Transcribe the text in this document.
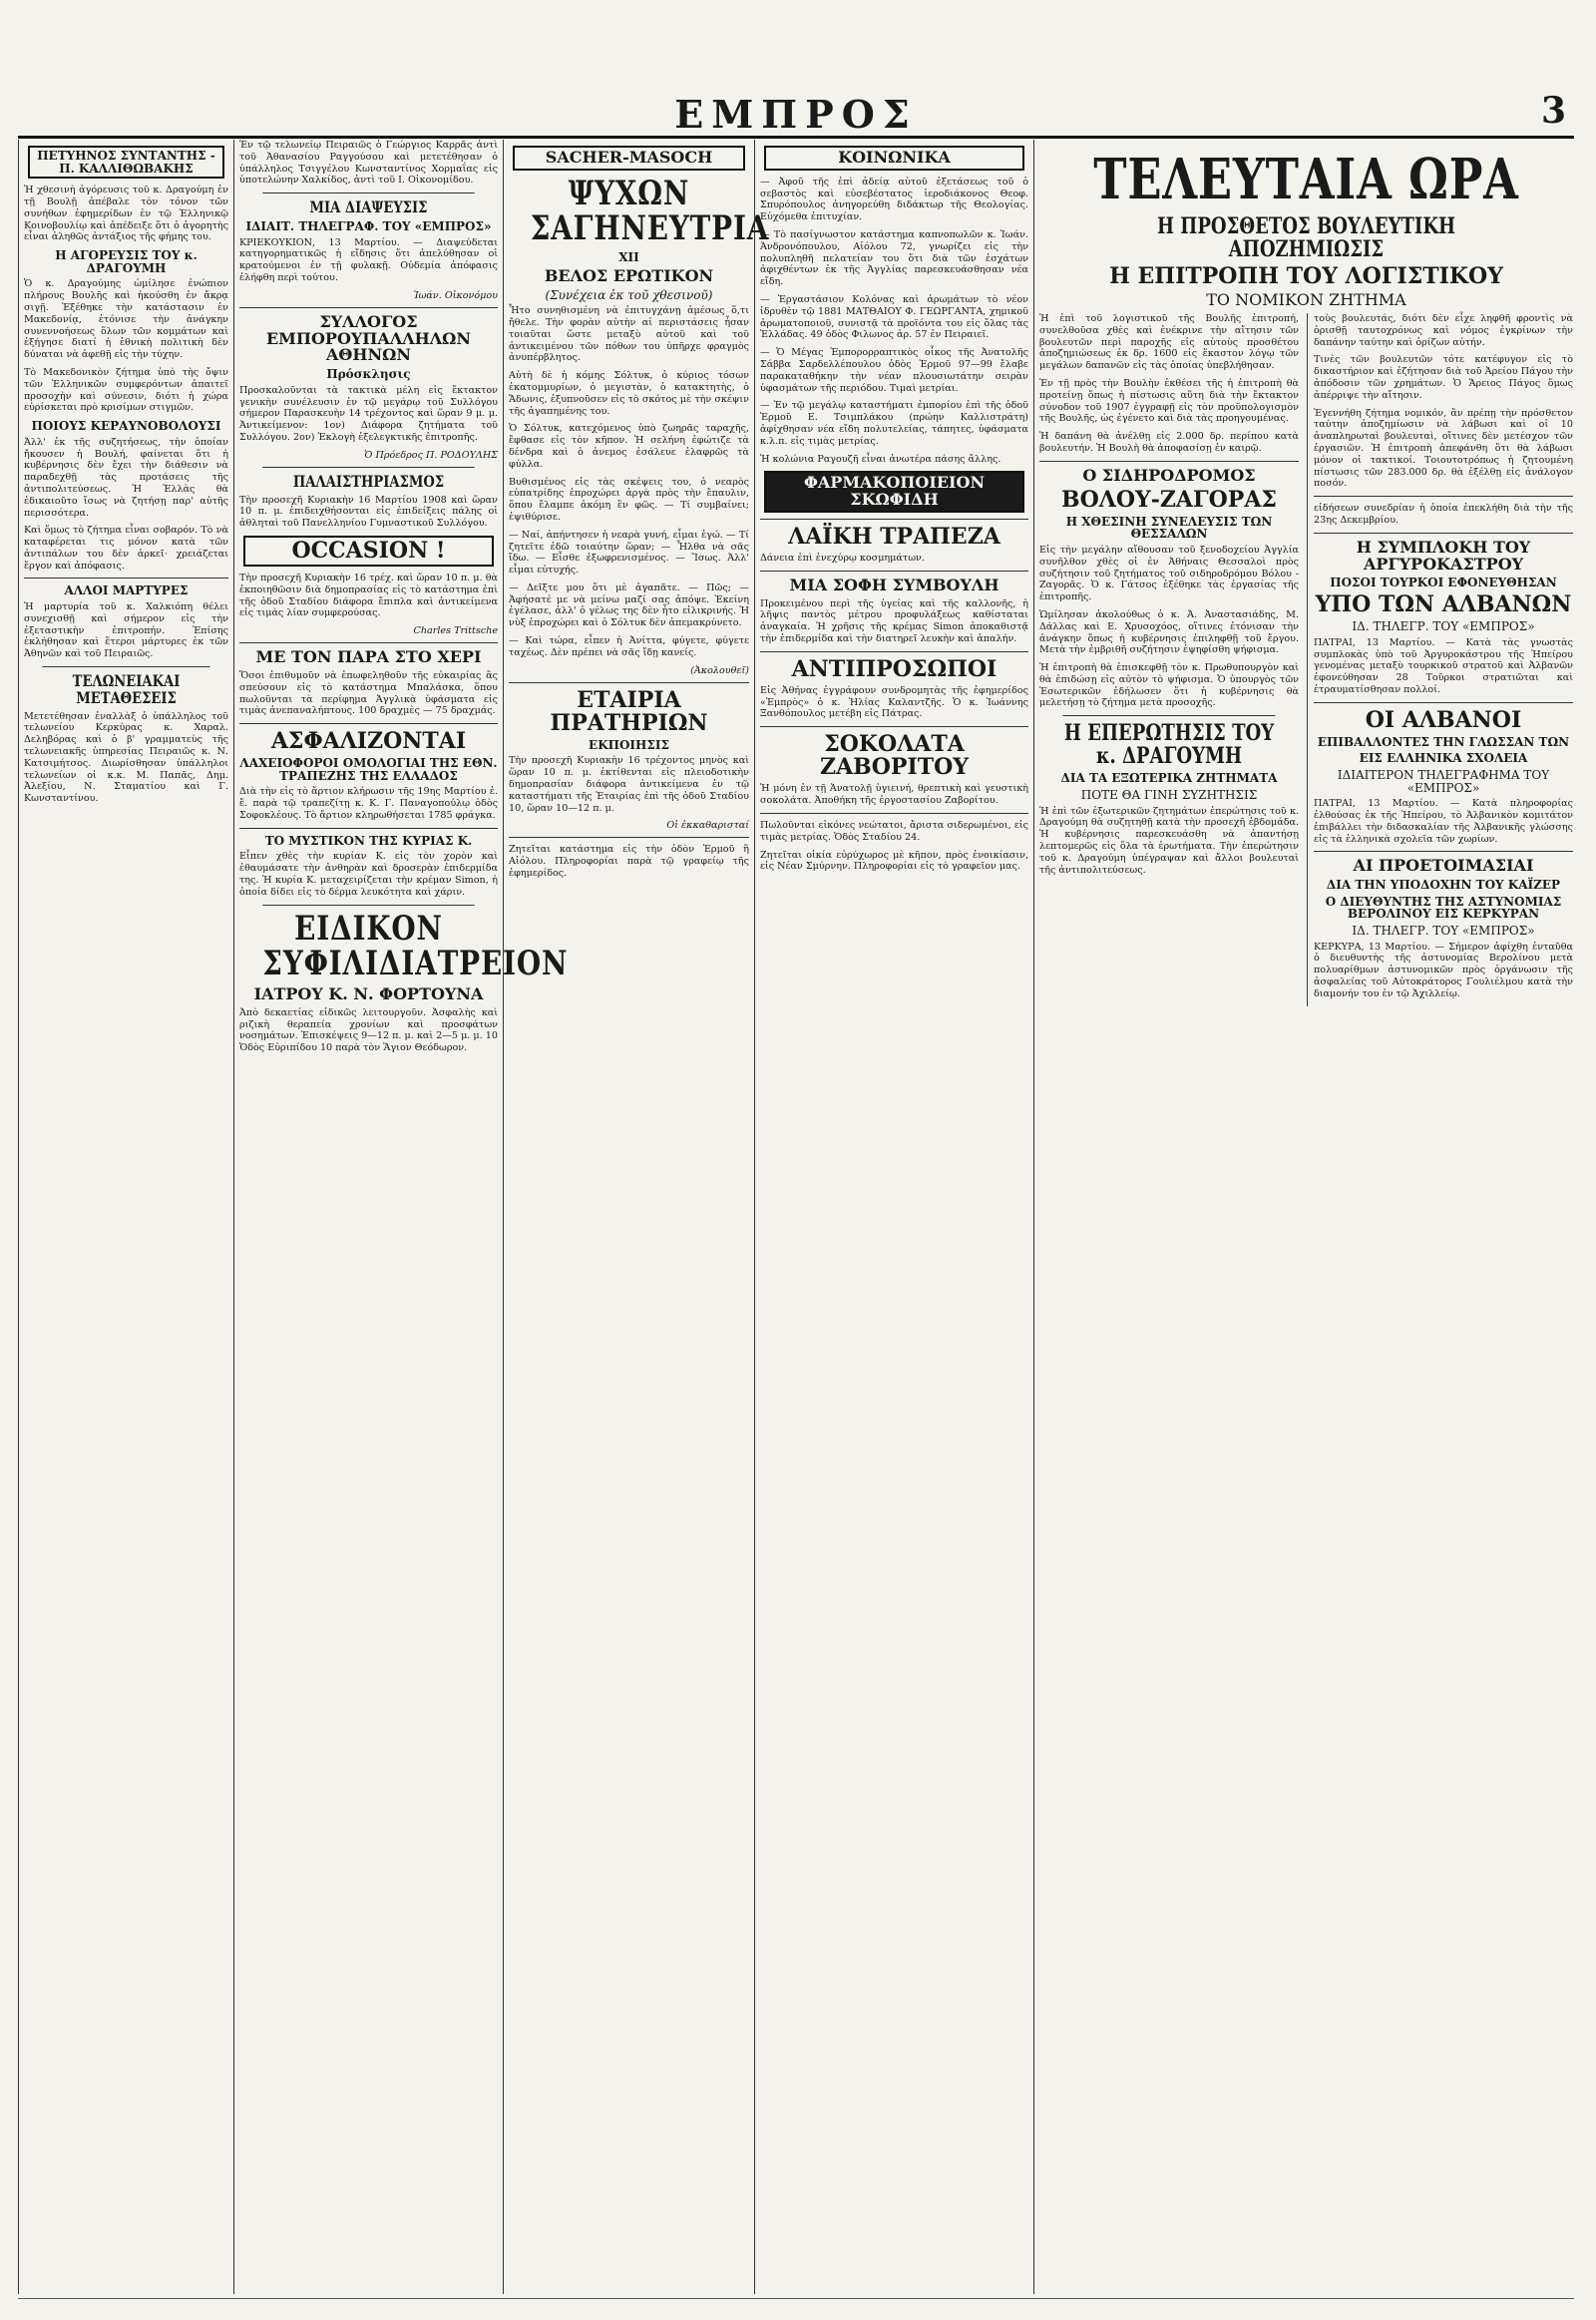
ΕΜΠΡΟΣ	3
ΠΕΤΥΗΝΟΣ ΣΥΝΤΑΝΤΗΣ - Π. ΚΑΛΛΙΘΩΒΑΚΗΣ

Ἡ χθεσινὴ ἀγόρευσις τοῦ κ. Δραγούμη ἐν τῇ Βουλῇ ἀπέβαλε τὸν τόνον τῶν συνήθων ἐφημερίδων ἐν τῷ Ἑλληνικῷ Κοινοβουλίῳ καὶ ἀπέδειξε ὅτι ὁ ἀγορητὴς εἶναι ἀληθῶς ἀντάξιος τῆς φήμης του.

Η ΑΓΟΡΕΥΣΙΣ ΤΟΥ κ. ΔΡΑΓΟΥΜΗ

Ὁ κ. Δραγούμης ὡμίλησε ἐνώπιον πλήρους Βουλῆς καὶ ἠκούσθη ἐν ἄκρᾳ σιγῇ. Ἐξέθηκε τὴν κατάστασιν ἐν Μακεδονίᾳ, ἐτόνισε τὴν ἀνάγκην συνεννοήσεως ὅλων τῶν κομμάτων καὶ ἐξήγησε διατί ἡ ἐθνικὴ πολιτικὴ δὲν δύναται νὰ ἀφεθῇ εἰς τὴν τύχην.

Τὸ Μακεδονικὸν ζήτημα ὑπὸ τὴς ὄψιν τῶν Ἑλληνικῶν συμφερόντων ἀπαιτεῖ προσοχὴν καὶ σύνεσιν, διότι ἡ χώρα εὑρίσκεται πρὸ κρισίμων στιγμῶν.

ΠΟΙΟΥΣ ΚΕΡΑΥΝΟΒΟΛΟΥΣΙ

Ἀλλ' ἐκ τῆς συζητήσεως, τὴν ὁποίαν ἤκουσεν ἡ Βουλή, φαίνεται ὅτι ἡ κυβέρνησις δὲν ἔχει τὴν διάθεσιν νὰ παραδεχθῇ τὰς προτάσεις τῆς ἀντιπολιτεύσεως. Ἡ Ἑλλὰς θὰ ἐδικαιοῦτο ἴσως νὰ ζητήσῃ παρ' αὐτῆς περισσότερα.

Καὶ ὅμως τὸ ζήτημα εἶναι σοβαρόν. Τὸ νὰ καταφέρεται τις μόνον κατὰ τῶν ἀντιπάλων του δὲν ἀρκεῖ· χρειάζεται ἔργον καὶ ἀπόφασις.

ΑΛΛΟΙ ΜΑΡΤΥΡΕΣ

Ἡ μαρτυρία τοῦ κ. Χαλκιόπη θέλει συνεχισθῇ καὶ σήμερον εἰς τὴν ἐξεταστικὴν ἐπιτροπήν. Ἐπίσης ἐκλήθησαν καὶ ἕτεροι μάρτυρες ἐκ τῶν Ἀθηνῶν καὶ τοῦ Πειραιῶς.

ΤΕΛΩΝΕΙΑΚΑΙ ΜΕΤΑΘΕΣΕΙΣ

Μετετέθησαν ἐναλλὰξ ὁ ὑπάλληλος τοῦ τελωνείου Κερκύρας κ. Χαραλ. Δεληβόρας καὶ ὁ β' γραμματεὺς τῆς τελωνειακῆς ὑπηρεσίας Πειραιῶς κ. Ν. Κατσιμήτσος. Διωρίσθησαν ὑπάλληλοι τελωνείων οἱ κ.κ. Μ. Παπᾶς, Δημ. Ἀλεξίου, Ν. Σταματίου καὶ Γ. Κωνσταντίνου.

Ἐν τῷ τελωνείῳ Πειραιῶς ὁ Γεώργιος Καρρᾶς ἀντὶ τοῦ Ἀθανασίου Ραγγούσου καὶ μετετέθησαν ὁ ὑπάλληλος Τσιγγέλου Κωνσταντίνος Χορμαΐας εἰς ὑποτελώνην Χαλκίδος, ἀντὶ τοῦ Ι. Οἰκονομίδου.

ΜΙΑ ΔΙΑΨΕΥΣΙΣ
ΙΔΙΑΙΤ. ΤΗΛΕΓΡΑΦ. ΤΟΥ «ΕΜΠΡΟΣ»

ΚΡΙΕΚΟΥΚΙΟΝ, 13 Μαρτίου. — Διαψεύδεται κατηγορηματικῶς ἡ εἴδησις ὅτι ἀπελύθησαν οἱ κρατούμενοι ἐν τῇ φυλακῇ. Οὐδεμία ἀπόφασις ἐλήφθη περὶ τούτου.

Ἰωάν. Οἰκονόμου
ΣΥΛΛΟΓΟΣ ΕΜΠΟΡΟΥΠΑΛΛΗΛΩΝ ΑΘΗΝΩΝ
Πρόσκλησις

Προσκαλοῦνται τὰ τακτικὰ μέλη εἰς ἔκτακτον γενικὴν συνέλευσιν ἐν τῷ μεγάρῳ τοῦ Συλλόγου σήμερον Παρασκευὴν 14 τρέχοντος καὶ ὥραν 9 μ. μ. Ἀντικείμενον: 1ον) Διάφορα ζητήματα τοῦ Συλλόγου. 2ον) Ἐκλογὴ ἐξελεγκτικῆς ἐπιτροπῆς.

Ὁ Πρόεδρος Π. ΡΟΔΟΥΛΗΣ
ΠΑΛΑΙΣΤΗΡΙΑΣΜΟΣ

Τὴν προσεχῆ Κυριακὴν 16 Μαρτίου 1908 καὶ ὥραν 10 π. μ. ἐπιδειχθήσονται εἰς ἐπιδείξεις πάλης οἱ ἀθληταὶ τοῦ Πανελληνίου Γυμναστικοῦ Συλλόγου.

OCCASION !

Τὴν προσεχῆ Κυριακὴν 16 τρέχ. καὶ ὥραν 10 π. μ. θὰ ἐκποιηθῶσιν διὰ δημοπρασίας εἰς τὸ κατάστημα ἐπὶ τῆς ὁδοῦ Σταδίου διάφορα ἔπιπλα καὶ ἀντικείμενα εἰς τιμὰς λίαν συμφερούσας.

Charles Trittsche
ΜΕ ΤΟΝ ΠΑΡΑ ΣΤΟ ΧΕΡΙ

Ὅσοι ἐπιθυμοῦν νὰ ἐπωφεληθοῦν τῆς εὐκαιρίας ἂς σπεύσουν εἰς τὸ κατάστημα Μπαλάσκα, ὅπου πωλοῦνται τὰ περίφημα Ἀγγλικὰ ὑφάσματα εἰς τιμὰς ἀνεπαναλήπτους. 100 δραχμὲς — 75 δραχμάς.

ΑΣΦΑΛΙΖΟΝΤΑΙ
ΛΑΧΕΙΟΦΟΡΟΙ ΟΜΟΛΟΓΙΑΙ ΤΗΣ ΕΘΝ. ΤΡΑΠΕΖΗΣ ΤΗΣ ΕΛΛΑΔΟΣ

Διὰ τὴν εἰς τὸ ἄρτιον κλήρωσιν τῆς 19ης Μαρτίου ἐ. ἔ. παρὰ τῷ τραπεζίτῃ κ. Κ. Γ. Παναγοπούλῳ ὁδὸς Σοφοκλέους. Τὸ ἄρτιον κληρωθήσεται 1785 φράγκα.

ΤΟ ΜΥΣΤΙΚΟΝ ΤΗΣ ΚΥΡΙΑΣ Κ.

Εἶπεν χθὲς τὴν κυρίαν Κ. εἰς τὸν χορὸν καὶ ἐθαυμάσατε τὴν ἀνθηρὰν καὶ δροσερὰν ἐπιδερμίδα της. Ἡ κυρία Κ. μεταχειρίζεται τὴν κρέμαν Simon, ἡ ὁποία δίδει εἰς τὸ δέρμα λευκότητα καὶ χάριν.

ΕΙΔΙΚΟΝ ΣΥΦΙΛΙΔΙΑΤΡΕΙΟΝ
ΙΑΤΡΟΥ Κ. Ν. ΦΟΡΤΟΥΝΑ

Ἀπὸ δεκαετίας εἰδικῶς λειτουργοῦν. Ἀσφαλὴς καὶ ριζικὴ θεραπεία χρονίων καὶ προσφάτων νοσημάτων. Ἐπισκέψεις 9—12 π. μ. καὶ 2—5 μ. μ. 10 Ὁδὸς Εὐριπίδου 10 παρὰ τὸν Ἅγιον Θεόδωρον.

SACHER-MASOCH
ΨΥΧΩΝ ΣΑΓΗΝΕΥΤΡΙΑ
XII
ΒΕΛΟΣ ΕΡΩΤΙΚΟΝ
(Συνέχεια ἐκ τοῦ χθεσινοῦ)

Ἦτο συνηθισμένη νὰ ἐπιτυγχάνῃ ἀμέσως ὅ,τι ἤθελε. Τὴν φορὰν αὐτὴν αἱ περιστάσεις ἦσαν τοιαῦται ὥστε μεταξὺ αὐτοῦ καὶ τοῦ ἀντικειμένου τῶν πόθων του ὑπῆρχε φραγμὸς ἀνυπέρβλητος.

Αὐτὴ δὲ ἡ κόμης Σόλτυκ, ὁ κύριος τόσων ἐκατομμυρίων, ὁ μεγιστὰν, ὁ κατακτητὴς, ὁ Ἄδωνις, ἐξυπνοῦσεν εἰς τὸ σκότος μὲ τὴν σκέψιν τῆς ἀγαπημένης του.

Ὁ Σόλτυκ, κατεχόμενος ὑπὸ ζωηρᾶς ταραχῆς, ἔφθασε εἰς τὸν κῆπον. Ἡ σελήνη ἐφώτιζε τὰ δένδρα καὶ ὁ ἀνεμος ἐσάλευε ἐλαφρῶς τὰ φύλλα.

Βυθισμένος εἰς τὰς σκέψεις του, ὁ νεαρὸς εὐπατρίδης ἐπροχώρει ἀργὰ πρὸς τὴν ἔπαυλιν, ὅπου ἔλαμπε ἀκόμη ἓν φῶς. — Τί συμβαίνει; ἐψιθύρισε.

— Ναί, ἀπήντησεν ἡ νεαρὰ γυνή, εἶμαι ἐγώ. — Τί ζητεῖτε ἐδῶ τοιαύτην ὥραν; — Ἦλθα νὰ σᾶς ἴδω. — Εἶσθε ἐξωφρενισμένος. — Ἴσως. Ἀλλ' εἶμαι εὐτυχής.

— Δεῖξτε μου ὅτι μὲ ἀγαπᾶτε. — Πῶς; — Ἀφήσατέ με νὰ μείνω μαζί σας ἀπόψε. Ἐκείνη ἐγέλασε, ἀλλ' ὁ γέλως της δὲν ἦτο εἰλικρινής. Ἡ νὺξ ἐπροχώρει καὶ ὁ Σόλτυκ δὲν ἀπεμακρύνετο.

— Καὶ τώρα, εἶπεν ἡ Ἀνίττα, φύγετε, φύγετε ταχέως. Δὲν πρέπει νὰ σᾶς ἴδῃ κανείς.

(Ἀκολουθεῖ)
ΕΤΑΙΡΙΑ ΠΡΑΤΗΡΙΩΝ
ΕΚΠΟΙΗΣΙΣ

Τὴν προσεχῆ Κυριακὴν 16 τρέχοντος μηνὸς καὶ ὥραν 10 π. μ. ἐκτίθενται εἰς πλειοδοτικὴν δημοπρασίαν διάφορα ἀντικείμενα ἐν τῷ καταστήματι τῆς Ἑταιρίας ἐπὶ τῆς ὁδοῦ Σταδίου 10, ὥραν 10—12 π. μ.

Οἱ ἐκκαθαρισταί

Ζητεῖται κατάστημα εἰς τὴν ὁδὸν Ἑρμοῦ ἢ Αἰόλου. Πληροφορίαι παρὰ τῷ γραφείῳ τῆς ἐφημερίδος.

ΚΟΙΝΩΝΙΚΑ

— Ἀφοῦ τῆς ἐπὶ ἀδείᾳ αὐτοῦ ἐξετάσεως τοῦ ὁ σεβαστὸς καὶ εὐσεβέστατος ἱεροδιάκονος Θεοφ. Σπυρόπουλος ἀνηγορεύθη διδάκτωρ τῆς Θεολογίας. Εὐχόμεθα ἐπιτυχίαν.

— Τὸ πασίγνωστον κατάστημα καπνοπωλῶν κ. Ἰωάν. Ἀνδρονόπουλου, Αἰόλου 72, γνωρίζει εἰς τὴν πολυπληθῆ πελατείαν του ὅτι διὰ τῶν ἐσχάτων ἀφιχθέντων ἐκ τῆς Ἀγγλίας παρεσκευάσθησαν νέα εἴδη.

— Ἐργαστάσιον Κολόνας καὶ ἀρωμάτων τὸ νέον ἱδρυθὲν τῷ 1881 ΜΑΤΘΑΙΟΥ Φ. ΓΕΩΡΓΑΝΤΑ, χημικοῦ ἀρωματοποιοῦ, συνιστᾷ τὰ προϊόντα του εἰς ὅλας τὰς Ἑλλάδας. 49 ὁδὸς Φιλωνος ἀρ. 57 ἐν Πειραιεῖ.

— Ὁ Μέγας Ἐμπορορραπτικὸς οἶκος τῆς Ἀνατολῆς Σάββα Σαρδελλέπουλου ὁδὸς Ἑρμοῦ 97—99 ἔλαβε παρακαταθήκην τὴν νέαν πλουσιωτάτην σειρὰν ὑφασμάτων τῆς περιόδου. Τιμαὶ μετρίαι.

— Ἐν τῷ μεγάλῳ καταστήματι ἐμπορίου ἐπὶ τῆς ὁδοῦ Ἑρμοῦ Ε. Τσιμπλάκου (πρώην Καλλιστράτη) ἀφίχθησαν νέα εἴδη πολυτελείας, τάπητες, ὑφάσματα κ.λ.π. εἰς τιμὰς μετρίας.

Ἡ κολώνια Ραγουζῆ εἶναι ἀνωτέρα πάσης ἄλλης.

ΦΑΡΜΑΚΟΠΟΙΕΙΟΝ ΣΚΩΦΙΔΗ
ΛΑΪΚΗ ΤΡΑΠΕΖΑ

Δάνεια ἐπὶ ἐνεχύρῳ κοσμημάτων.

ΜΙΑ ΣΟΦΗ ΣΥΜΒΟΥΛΗ

Προκειμένου περὶ τῆς ὑγείας καὶ τῆς καλλονῆς, ἡ λῆψις παντὸς μέτρου προφυλάξεως καθίσταται ἀναγκαία. Ἡ χρῆσις τῆς κρέμας Simon ἀποκαθιστᾷ τὴν ἐπιδερμίδα καὶ τὴν διατηρεῖ λευκὴν καὶ ἀπαλήν.

ΑΝΤΙΠΡΟΣΩΠΟΙ

Εἰς Ἀθήνας ἐγγράφουν συνδρομητὰς τῆς ἐφημερίδος «Ἐμπρὸς» ὁ κ. Ἡλίας Καλαντζῆς. Ὁ κ. Ἰωάννης Ξανθόπουλος μετέβη εἰς Πάτρας.

ΣΟΚΟΛΑΤΑ ΖΑΒΟΡΙΤΟΥ

Ἡ μόνη ἐν τῇ Ἀνατολῇ ὑγιεινή, θρεπτικὴ καὶ γευστικὴ σοκολάτα. Ἀποθήκη τῆς ἐργοστασίου Ζαβορίτου.

Πωλοῦνται εἰκόνες νεώτατοι, ἄριστα σιδερωμένοι, εἰς τιμὰς μετρίας. Ὁδὸς Σταδίου 24.

Ζητεῖται οἰκία εὐρύχωρος μὲ κῆπον, πρὸς ἐνοικίασιν, εἰς Νέαν Σμύρνην. Πληροφορίαι εἰς τὸ γραφεῖον μας.

ΤΕΛΕΥΤΑΙΑ ΩΡΑ
Η ΠΡΟΣΘΕΤΟΣ ΒΟΥΛΕΥΤΙΚΗ ΑΠΟΖΗΜΙΩΣΙΣ
Η ΕΠΙΤΡΟΠΗ ΤΟΥ ΛΟΓΙΣΤΙΚΟΥ
ΤΟ ΝΟΜΙΚΟΝ ΖΗΤΗΜΑ

Ἡ ἐπὶ τοῦ λογιστικοῦ τῆς Βουλῆς ἐπιτροπή, συνελθοῦσα χθὲς καὶ ἐνέκρινε τὴν αἴτησιν τῶν βουλευτῶν περὶ παροχῆς εἰς αὐτοὺς προσθέτου ἀποζημιώσεως ἐκ δρ. 1600 εἰς ἕκαστον λόγῳ τῶν μεγάλων δαπανῶν εἰς τὰς ὁποίας ὑπεβλήθησαν.

Ἐν τῇ πρὸς τὴν Βουλὴν ἐκθέσει τῆς ἡ ἐπιτροπὴ θὰ προτείνῃ ὅπως ἡ πίστωσις αὕτη διὰ τὴν ἔκτακτον σύνοδον τοῦ 1907 ἐγγραφῇ εἰς τὸν προϋπολογισμὸν τῆς Βουλῆς, ὡς ἐγένετο καὶ διὰ τὰς προηγουμένας.

Ἡ δαπάνη θὰ ἀνέλθῃ εἰς 2.000 δρ. περίπου κατὰ βουλευτήν. Ἡ Βουλὴ θὰ ἀποφασίσῃ ἐν καιρῷ.

Ο ΣΙΔΗΡΟΔΡΟΜΟΣ
ΒΟΛΟΥ-ΖΑΓΟΡΑΣ
Η ΧΘΕΣΙΝΗ ΣΥΝΕΛΕΥΣΙΣ ΤΩΝ ΘΕΣΣΑΛΩΝ

Εἰς τὴν μεγάλην αἴθουσαν τοῦ ξενοδοχείου Ἀγγλία συνῆλθον χθὲς οἱ ἐν Ἀθήναις Θεσσαλοὶ πρὸς συζήτησιν τοῦ ζητήματος τοῦ σιδηροδρόμου Βόλου - Ζαγορᾶς. Ὁ κ. Γάτσος ἐξέθηκε τὰς ἐργασίας τῆς ἐπιτροπῆς.

Ὡμίλησαν ἀκολούθως ὁ κ. Ἀ. Ἀναστασιάδης, Μ. Δάλλας καὶ Ε. Χρυσοχόος, οἵτινες ἐτόνισαν τὴν ἀνάγκην ὅπως ἡ κυβέρνησις ἐπιληφθῇ τοῦ ἔργου. Μετὰ τὴν ἐμβριθῆ συζήτησιν ἐψηφίσθη ψήφισμα.

Ἡ ἐπιτροπὴ θὰ ἐπισκεφθῇ τὸν κ. Πρωθυπουργὸν καὶ θὰ ἐπιδώσῃ εἰς αὐτὸν τὸ ψήφισμα. Ὁ ὑπουργὸς τῶν Ἐσωτερικῶν ἐδήλωσεν ὅτι ἡ κυβέρνησις θὰ μελετήσῃ τὸ ζήτημα μετὰ προσοχῆς.

Η ΕΠΕΡΩΤΗΣΙΣ ΤΟΥ κ. ΔΡΑΓΟΥΜΗ
ΔΙΑ ΤΑ ΕΞΩΤΕΡΙΚΑ ΖΗΤΗΜΑΤΑ
ΠΟΤΕ ΘΑ ΓΙΝΗ ΣΥΖΗΤΗΣΙΣ

Ἡ ἐπὶ τῶν ἐξωτερικῶν ζητημάτων ἐπερώτησις τοῦ κ. Δραγούμη θὰ συζητηθῇ κατὰ τὴν προσεχῆ ἑβδομάδα. Ἡ κυβέρνησις παρεσκευάσθη νὰ ἀπαντήσῃ λεπτομερῶς εἰς ὅλα τὰ ἐρωτήματα. Τὴν ἐπερώτησιν τοῦ κ. Δραγούμη ὑπέγραψαν καὶ ἄλλοι βουλευταὶ τῆς ἀντιπολιτεύσεως.

τοὺς βουλευτάς, διότι δὲν εἶχε ληφθῆ φροντὶς νὰ ὁρισθῇ ταυτοχρόνως καὶ νόμος ἐγκρίνων τὴν δαπάνην ταύτην καὶ ὁρίζων αὐτήν.

Τινὲς τῶν βουλευτῶν τότε κατέφυγον εἰς τὸ δικαστήριον καὶ ἐζήτησαν διὰ τοῦ Ἀρείου Πάγου τὴν ἀπόδοσιν τῶν χρημάτων. Ὁ Ἄρειος Πάγος ὅμως ἀπέρριψε τὴν αἴτησιν.

Ἐγεννήθη ζήτημα νομικόν, ἂν πρέπῃ τὴν πρόσθετον ταύτην ἀποζημίωσιν νὰ λάβωσι καὶ οἱ 10 ἀναπληρωταὶ βουλευταὶ, οἵτινες δὲν μετέσχον τῶν ἐργασιῶν. Ἡ ἐπιτροπὴ ἀπεφάνθη ὅτι θὰ λάβωσι μόνον οἱ τακτικοί. Τοιουτοτρόπως ἡ ζητουμένη πίστωσις τῶν 283.000 δρ. θὰ ἐξέλθῃ εἰς ἀνάλογον ποσόν.

εἰδήσεων συνεδρίαν ἡ ὁποία ἐπεκλήθη διὰ τὴν τῆς 23ης Δεκεμβρίου.

Η ΣΥΜΠΛΟΚΗ ΤΟΥ ΑΡΓΥΡΟΚΑΣΤΡΟΥ
ΠΟΣΟΙ ΤΟΥΡΚΟΙ ΕΦΟΝΕΥΘΗΣΑΝ
ΥΠΟ ΤΩΝ ΑΛΒΑΝΩΝ
ΙΔ. ΤΗΛΕΓΡ. ΤΟΥ «ΕΜΠΡΟΣ»

ΠΑΤΡΑΙ, 13 Μαρτίου. — Κατὰ τὰς γνωστὰς συμπλοκὰς ὑπὸ τοῦ Ἀργυροκάστρου τῆς Ἠπείρου γενομένας μεταξὺ τουρκικοῦ στρατοῦ καὶ Ἀλβανῶν ἐφονεύθησαν 28 Τοῦρκοι στρατιῶται καὶ ἐτραυματίσθησαν πολλοί.

ΟΙ ΑΛΒΑΝΟΙ
ΕΠΙΒΑΛΛΟΝΤΕΣ ΤΗΝ ΓΛΩΣΣΑΝ ΤΩΝ
ΕΙΣ ΕΛΛΗΝΙΚΑ ΣΧΟΛΕΙΑ
ΙΔΙΑΙΤΕΡΟΝ ΤΗΛΕΓΡΑΦΗΜΑ ΤΟΥ «ΕΜΠΡΟΣ»

ΠΑΤΡΑΙ, 13 Μαρτίου. — Κατὰ πληροφορίας ἐλθούσας ἐκ τῆς Ἠπείρου, τὸ Ἀλβανικὸν κομιτάτον ἐπιβάλλει τὴν διδασκαλίαν τῆς Ἀλβανικῆς γλώσσης εἰς τὰ ἑλληνικὰ σχολεῖα τῶν χωρίων.

ΑΙ ΠΡΟΕΤΟΙΜΑΣΙΑΙ
ΔΙΑ ΤΗΝ ΥΠΟΔΟΧΗΝ ΤΟΥ ΚΑΪΖΕΡ
Ο ΔΙΕΥΘΥΝΤΗΣ ΤΗΣ ΑΣΤΥΝΟΜΙΑΣ ΒΕΡΟΛΙΝΟΥ ΕΙΣ ΚΕΡΚΥΡΑΝ
ΙΔ. ΤΗΛΕΓΡ. ΤΟΥ «ΕΜΠΡΟΣ»

ΚΕΡΚΥΡΑ, 13 Μαρτίου. — Σήμερον ἀφίχθη ἐνταῦθα ὁ διευθυντὴς τῆς ἀστυνομίας Βερολίνου μετὰ πολυαρίθμων ἀστυνομικῶν πρὸς ὀργάνωσιν τῆς ἀσφαλείας τοῦ Αὐτοκράτορος Γουλιέλμου κατὰ τὴν διαμονήν του ἐν τῷ Ἀχιλλείῳ.
